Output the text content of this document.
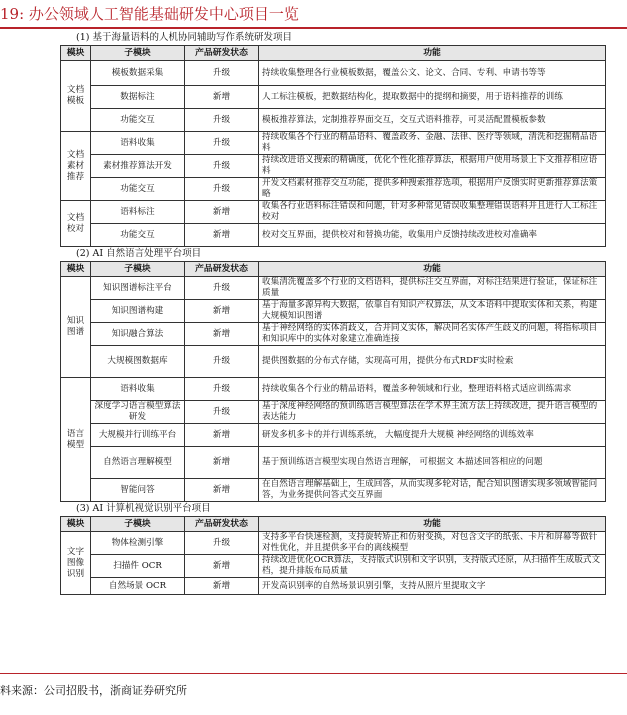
19: 办公领域人工智能基础研发中心项目一览
(1) 基于海量语料的人机协同辅助写作系统研发项目
模块	子模块	产品研发状态	功能
文档
模板	模板数据采集	升级	持续收集整理各行业模板数据，覆盖公文、论文、合同、专利、申请书等等
	数据标注	新增	人工标注模板，把数据结构化，提取数据中的提纲和摘要，用于语料推荐的训练
	功能交互	升级	模板推荐算法，定制推荐界面交互，交互式语料推荐，可灵活配置模板参数
文档
素材
推荐	语料收集	升级	持续收集各个行业的精品语料、覆盖政务、金融、法律、医疗等领域，清洗和挖掘精品语料
	素材推荐算法开发	升级	持续改进语义搜索的精确度，优化个性化推荐算法，根据用户使用场景上下文推荐相应语料
	功能交互	升级	开发文档素材推荐交互功能，提供多种搜索推荐选项，根据用户反馈实时更新推荐算法策略
文档
校对	语料标注	新增	收集各行业语料标注错误和问题，针对多种常见错误收集整理错误语料并且进行人工标注校对
	功能交互	新增	校对交互界面，提供校对和替换功能，收集用户反馈持续改进校对准确率
(2) AI 自然语言处理平台项目
模块	子模块	产品研发状态	功能
知识
图谱	知识图谱标注平台	升级	收集清洗覆盖多个行业的文档语料，提供标注交互界面，对标注结果进行验证，保证标注质量
	知识图谱构建	新增	基于海量多源异构大数据，依靠自有知识产权算法，从文本语料中提取实体和关系，构建大规模知识图谱
	知识融合算法	新增	基于神经网络的实体消歧义，合并同义实体，解决同名实体产生歧义的问题，将指标项目和知识库中的实体对象建立准确连接
	大规模图数据库	升级	提供图数据的分布式存储，实现高可用，提供分布式RDF实时检索
语言
模型	语料收集	升级	持续收集各个行业的精品语料，覆盖多种领域和行业，整理语料格式适应训练需求
	深度学习语言模型算法研发	升级	基于深度神经网络的预训练语言模型算法在学术界主流方法上持续改进，提升语言模型的表达能力
	大规模并行训练平台	新增	研发多机多卡的并行训练系统， 大幅度提升大规模 神经网络的训练效率
	自然语言理解模型	新增	基于预训练语言模型实现自然语言理解， 可根据文 本描述回答相应的问题
	智能问答	新增	在自然语言理解基础上，生成回答，从而实现多轮对话，配合知识图谱实现多领域智能问答，为业务提供问答式交互界面
(3) AI 计算机视觉识别平台项目
模块	子模块	产品研发状态	功能
文字
图像
识别	物体检测引擎	升级	支持多平台快速检测，支持旋转矫正和仿射变换，对包含文字的纸张、卡片和屏幕等做针对性优化，并且提供多平台的离线模型
	扫描件 OCR	新增	持续改进优化OCR算法，支持版式识别和文字识别，支持版式还原，从扫描件生成版式文档，提升排版布局质量
	自然场景 OCR	新增	开发高识别率的自然场景识别引擎，支持从照片里提取文字
料来源：公司招股书，浙商证券研究所
